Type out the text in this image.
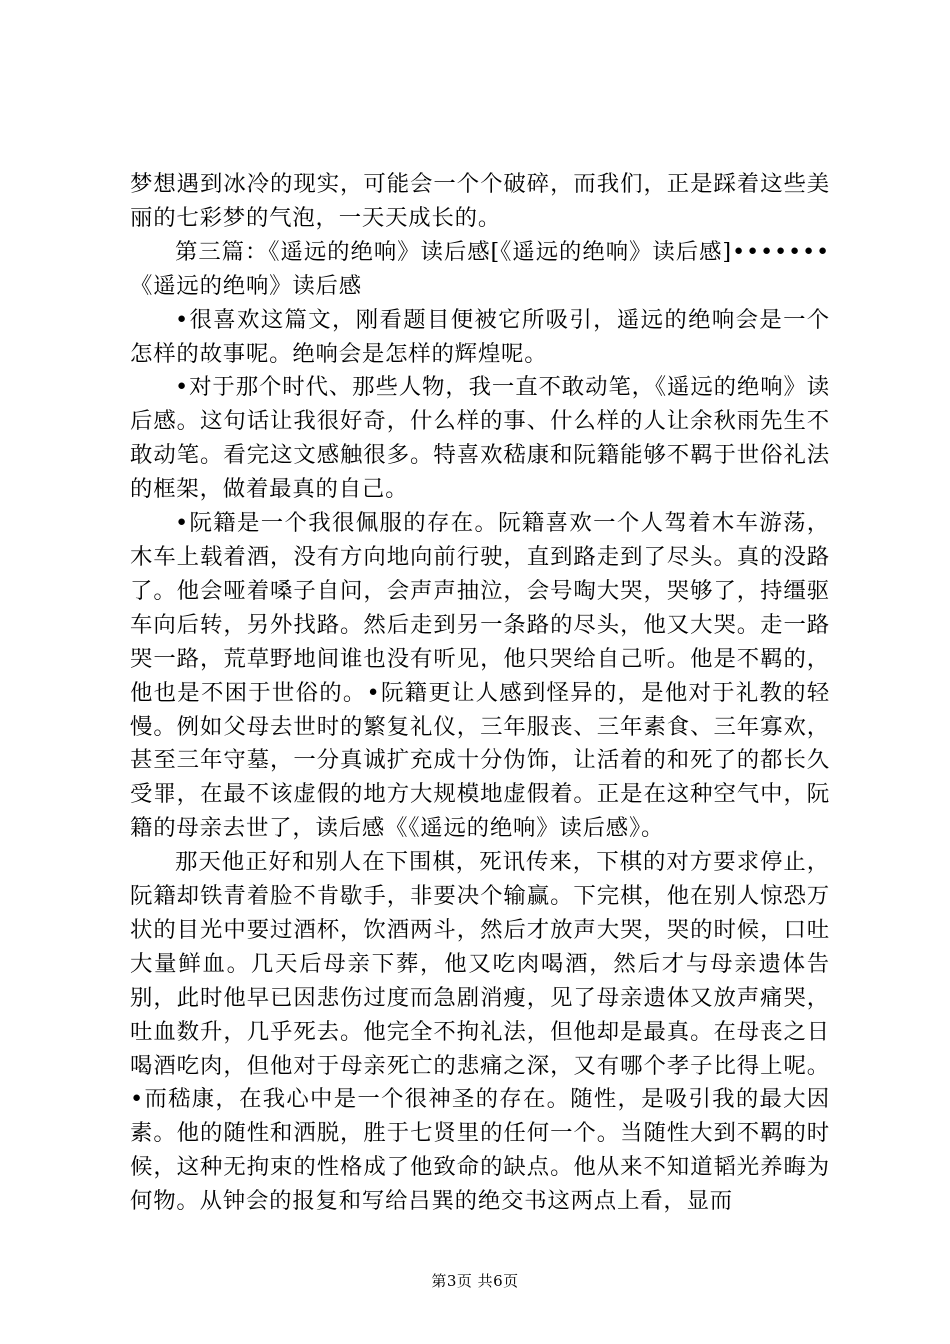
梦想遇到冰冷的现实，可能会一个个破碎，而我们，正是踩着这些美丽的七彩梦的气泡，一天天成长的。

第三篇：《遥远的绝响》读后感[《遥远的绝响》读后感]•••••••《遥远的绝响》读后感

•很喜欢这篇文，刚看题目便被它所吸引，遥远的绝响会是一个怎样的故事呢。绝响会是怎样的辉煌呢。

•对于那个时代、那些人物，我一直不敢动笔，《遥远的绝响》读后感。这句话让我很好奇，什么样的事、什么样的人让余秋雨先生不敢动笔。看完这文感触很多。特喜欢嵇康和阮籍能够不羁于世俗礼法的框架，做着最真的自己。

•阮籍是一个我很佩服的存在。阮籍喜欢一个人驾着木车游荡，木车上载着酒，没有方向地向前行驶，直到路走到了尽头。真的没路了。他会哑着嗓子自问，会声声抽泣，会号啕大哭，哭够了，持缰驱车向后转，另外找路。然后走到另一条路的尽头，他又大哭。走一路哭一路，荒草野地间谁也没有听见，他只哭给自己听。他是不羁的，他也是不困于世俗的。•阮籍更让人感到怪异的，是他对于礼教的轻慢。例如父母去世时的繁复礼仪，三年服丧、三年素食、三年寡欢，甚至三年守墓，一分真诚扩充成十分伪饰，让活着的和死了的都长久受罪，在最不该虚假的地方大规模地虚假着。正是在这种空气中，阮籍的母亲去世了，读后感《《遥远的绝响》读后感》。

那天他正好和别人在下围棋，死讯传来，下棋的对方要求停止，阮籍却铁青着脸不肯歇手，非要决个输赢。下完棋，他在别人惊恐万状的目光中要过酒杯，饮酒两斗，然后才放声大哭，哭的时候，口吐大量鲜血。几天后母亲下葬，他又吃肉喝酒，然后才与母亲遗体告别，此时他早已因悲伤过度而急剧消瘦，见了母亲遗体又放声痛哭，吐血数升，几乎死去。他完全不拘礼法，但他却是最真。在母丧之日喝酒吃肉，但他对于母亲死亡的悲痛之深，又有哪个孝子比得上呢。•而嵇康，在我心中是一个很神圣的存在。随性，是吸引我的最大因素。他的随性和洒脱，胜于七贤里的任何一个。当随性大到不羁的时候，这种无拘束的性格成了他致命的缺点。他从来不知道韬光养晦为何物。从钟会的报复和写给吕巽的绝交书这两点上看，显而

第3页 共6页
